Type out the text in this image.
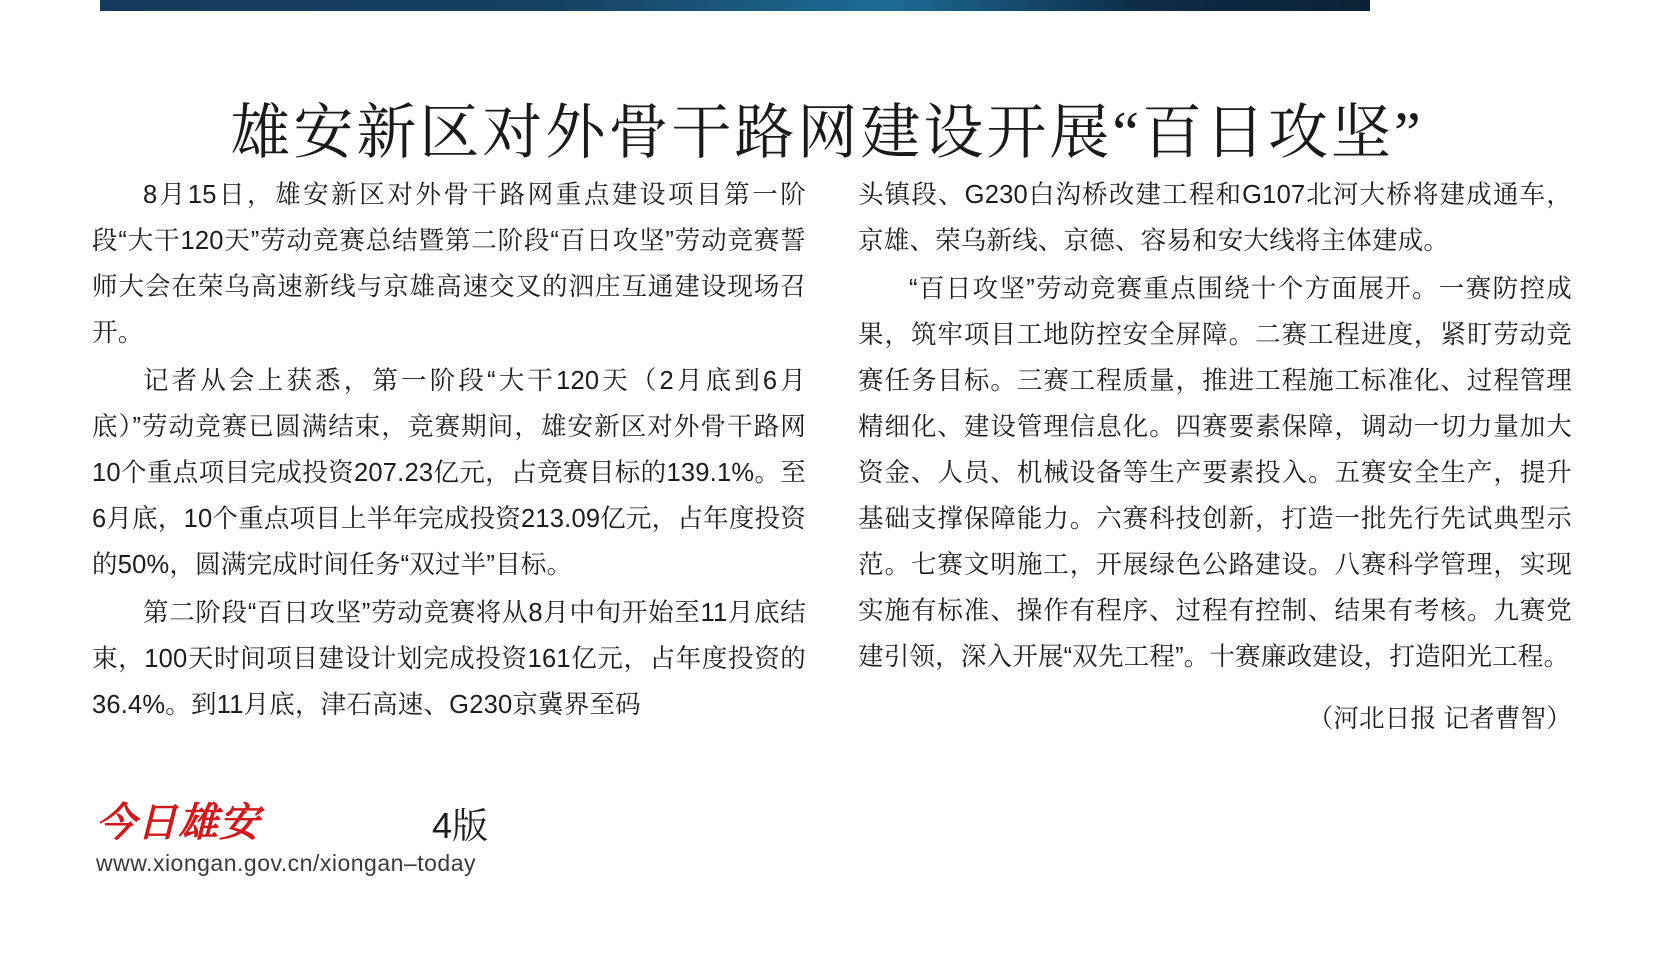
雄安新区对外骨干路网建设开展“百日攻坚”

8月15日，雄安新区对外骨干路网重点建设项目第一阶段“大干120天”劳动竞赛总结暨第二阶段“百日攻坚”劳动竞赛誓师大会在荣乌高速新线与京雄高速交叉的泗庄互通建设现场召开。

记者从会上获悉，第一阶段“大干120天（2月底到6月底）”劳动竞赛已圆满结束，竞赛期间，雄安新区对外骨干路网10个重点项目完成投资207.23亿元，占竞赛目标的139.1%。至6月底，10个重点项目上半年完成投资213.09亿元，占年度投资的50%，圆满完成时间任务“双过半”目标。

第二阶段“百日攻坚”劳动竞赛将从8月中旬开始至11月底结束，100天时间项目建设计划完成投资161亿元，占年度投资的36.4%。到11月底，津石高速、G230京冀界至码

头镇段、G230白沟桥改建工程和G107北河大桥将建成通车，京雄、荣乌新线、京德、容易和安大线将主体建成。

“百日攻坚”劳动竞赛重点围绕十个方面展开。一赛防控成果，筑牢项目工地防控安全屏障。二赛工程进度，紧盯劳动竞赛任务目标。三赛工程质量，推进工程施工标准化、过程管理精细化、建设管理信息化。四赛要素保障，调动一切力量加大资金、人员、机械设备等生产要素投入。五赛安全生产，提升基础支撑保障能力。六赛科技创新，打造一批先行先试典型示范。七赛文明施工，开展绿色公路建设。八赛科学管理，实现实施有标准、操作有程序、过程有控制、结果有考核。九赛党建引领，深入开展“双先工程”。十赛廉政建设，打造阳光工程。

（河北日报 记者曹智）

今日雄安
www.xiongan.gov.cn/xiongan–today
4版
